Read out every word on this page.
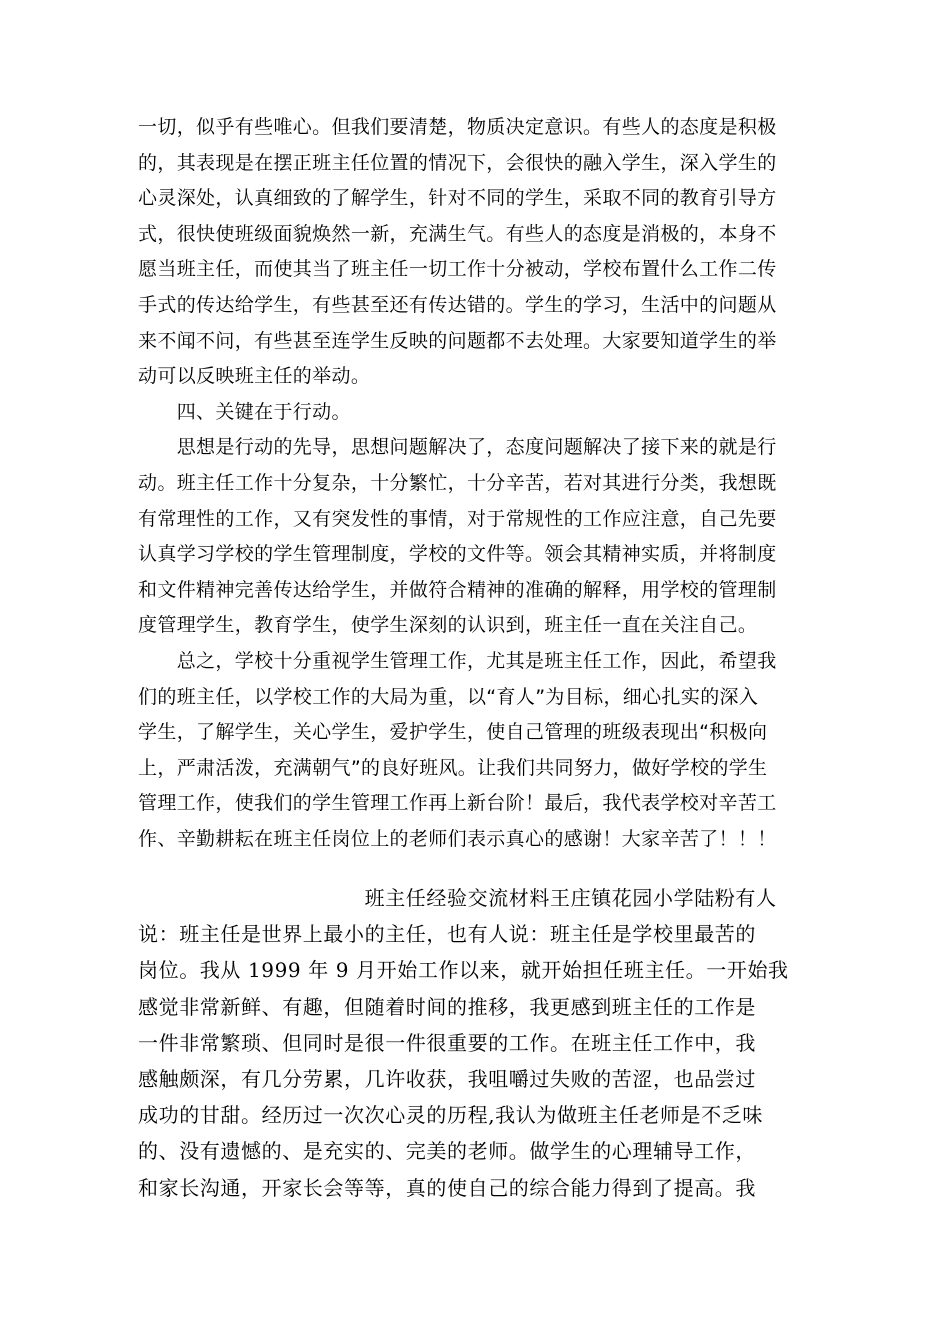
一切，似乎有些唯心。但我们要清楚，物质决定意识。有些人的态度是积极
的，其表现是在摆正班主任位置的情况下，会很快的融入学生，深入学生的
心灵深处，认真细致的了解学生，针对不同的学生，采取不同的教育引导方
式，很快使班级面貌焕然一新，充满生气。有些人的态度是消极的，本身不
愿当班主任，而使其当了班主任一切工作十分被动，学校布置什么工作二传
手式的传达给学生，有些甚至还有传达错的。学生的学习，生活中的问题从
来不闻不问，有些甚至连学生反映的问题都不去处理。大家要知道学生的举
动可以反映班主任的举动。
　　四、关键在于行动。
　　思想是行动的先导，思想问题解决了，态度问题解决了接下来的就是行
动。班主任工作十分复杂，十分繁忙，十分辛苦，若对其进行分类，我想既
有常理性的工作，又有突发性的事情，对于常规性的工作应注意，自己先要
认真学习学校的学生管理制度，学校的文件等。领会其精神实质，并将制度
和文件精神完善传达给学生，并做符合精神的准确的解释，用学校的管理制
度管理学生，教育学生，使学生深刻的认识到，班主任一直在关注自己。
　　总之，学校十分重视学生管理工作，尤其是班主任工作，因此，希望我
们的班主任，以学校工作的大局为重，以“育人”为目标，细心扎实的深入
学生，了解学生，关心学生，爱护学生，使自己管理的班级表现出“积极向
上，严肃活泼，充满朝气”的良好班风。让我们共同努力，做好学校的学生
管理工作，使我们的学生管理工作再上新台阶！最后，我代表学校对辛苦工
作、辛勤耕耘在班主任岗位上的老师们表示真心的感谢！大家辛苦了！！！
　　　　　　　　　　　班主任经验交流材料王庄镇花园小学陆粉有人
说：班主任是世界上最小的主任，也有人说：班主任是学校里最苦的
岗位。我从 1999 年 9 月开始工作以来，就开始担任班主任。一开始我
感觉非常新鲜、有趣，但随着时间的推移，我更感到班主任的工作是
一件非常繁琐、但同时是很一件很重要的工作。在班主任工作中，我
感触颇深，有几分劳累，几许收获，我咀嚼过失败的苦涩，也品尝过
成功的甘甜。经历过一次次心灵的历程,我认为做班主任老师是不乏味
的、没有遗憾的、是充实的、完美的老师。做学生的心理辅导工作，
和家长沟通，开家长会等等，真的使自己的综合能力得到了提高。我
